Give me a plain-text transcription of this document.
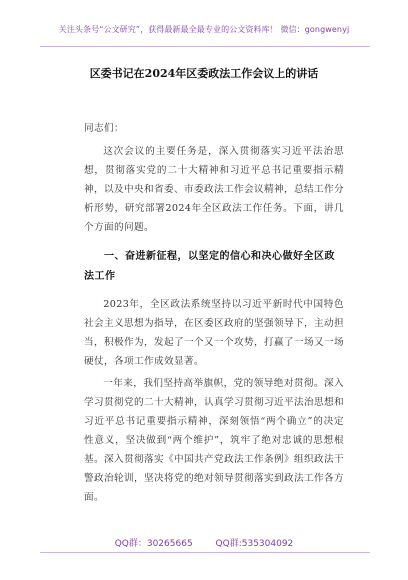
关注头条号“公文研究”，获得最新最全最专业的公文资料库！ 微信：gongwenyj
区委书记在2024年区委政法工作会议上的讲话
同志们：
这次会议的主要任务是，深入贯彻落实习近平法治思想，贯彻落实党的二十大精神和习近平总书记重要指示精神，以及中央和省委、市委政法工作会议精神，总结工作分析形势，研究部署2024年全区政法工作任务。下面，讲几个方面的问题。
一、奋进新征程，以坚定的信心和决心做好全区政法工作
2023年，全区政法系统坚持以习近平新时代中国特色社会主义思想为指导，在区委区政府的坚强领导下，主动担当，积极作为，发起了一个又一个攻势，打赢了一场又一场硬仗，各项工作成效显著。
一年来，我们坚持高举旗帜，党的领导绝对贯彻。深入学习贯彻党的二十大精神，认真学习贯彻习近平法治思想和习近平总书记重要指示精神，深刻领悟“两个确立”的决定性意义，坚决做到“两个维护”，筑牢了绝对忠诚的思想根基。深入贯彻落实《中国共产党政法工作条例》组织政法干警政治轮训，坚决将党的绝对领导贯彻落实到政法工作各方面。
QQ群：30265665	QQ群:535304092
